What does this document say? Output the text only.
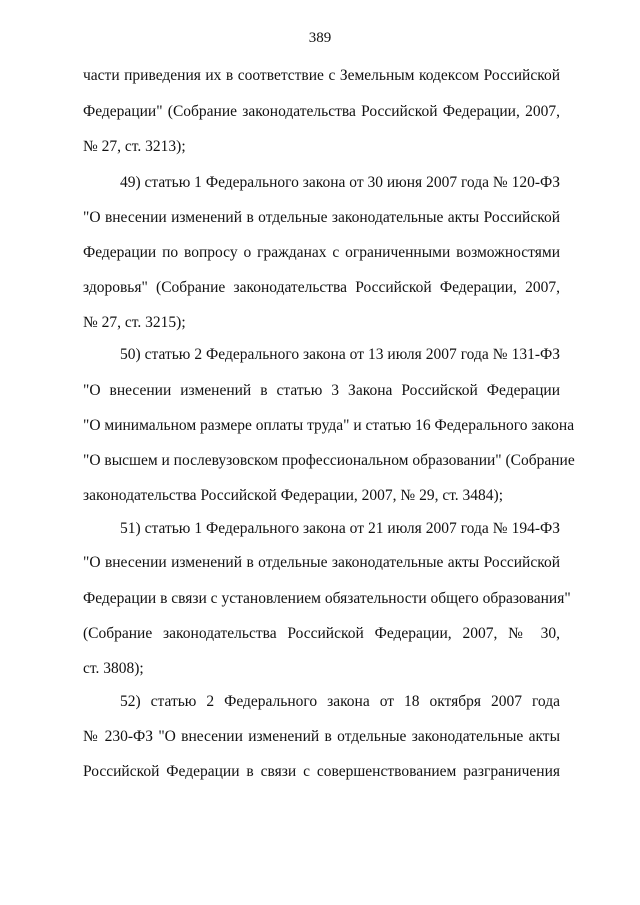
389
части приведения их в соответствие с Земельным кодексом Российской
Федерации" (Собрание законодательства Российской Федерации, 2007,
№ 27, ст. 3213);
49) статью 1 Федерального закона от 30 июня 2007 года № 120-ФЗ
"О внесении изменений в отдельные законодательные акты Российской
Федерации по вопросу о гражданах с ограниченными возможностями
здоровья" (Собрание законодательства Российской Федерации, 2007,
№ 27, ст. 3215);
50) статью 2 Федерального закона от 13 июля 2007 года № 131-ФЗ
"О внесении изменений в статью 3 Закона Российской Федерации
"О минимальном размере оплаты труда" и статью 16 Федерального закона
"О высшем и послевузовском профессиональном образовании" (Собрание
законодательства Российской Федерации, 2007, № 29, ст. 3484);
51) статью 1 Федерального закона от 21 июля 2007 года № 194-ФЗ
"О внесении изменений в отдельные законодательные акты Российской
Федерации в связи с установлением обязательности общего образования"
(Собрание законодательства Российской Федерации, 2007, № 30,
ст. 3808);
52) статью 2 Федерального закона от 18 октября 2007 года
№ 230-ФЗ "О внесении изменений в отдельные законодательные акты
Российской Федерации в связи с совершенствованием разграничения
